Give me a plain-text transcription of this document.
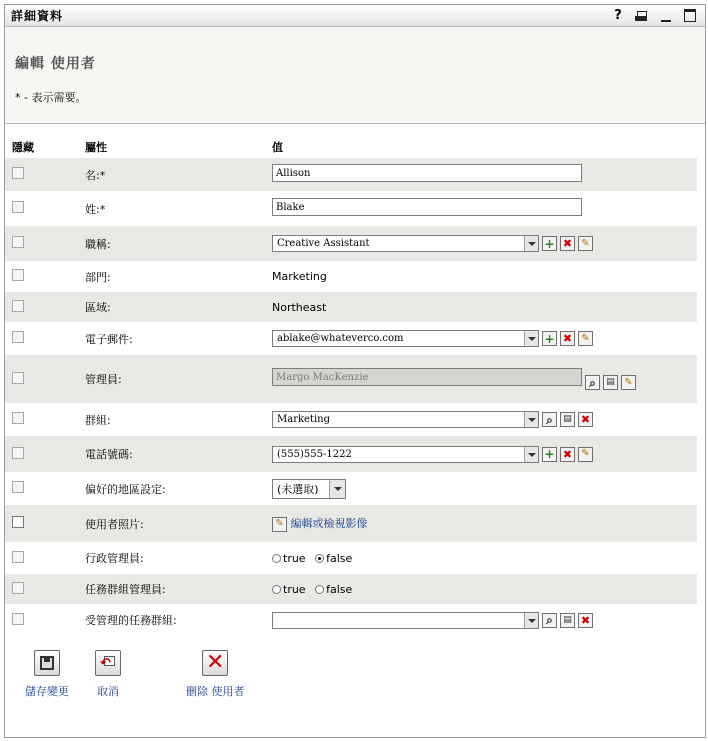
詳細資料	?
編輯 使用者
* - 表示需要。
隱藏	屬性	值
	名:*	Allison
	姓:*	Blake
	職稱:	Creative Assistant + ✖ ✎
	部門:	Marketing
	區域:	Northeast
	電子郵件:	ablake@whateverco.com + ✖ ✎
	管理員:	Margo MacKenzie ⌕ ▤ ✎
	群組:	Marketing ⌕ ▤ ✖
	電話號碼:	(555)555-1222 + ✖ ✎
	偏好的地區設定:	(未選取)

	使用者照片:	✎ 編輯或檢視影像
	行政管理員:	true false
	任務群組管理員:	true false
	受管理的任務群組:	⌕ ▤ ✖
儲存變更
↶	取消
✕
刪除 使用者
